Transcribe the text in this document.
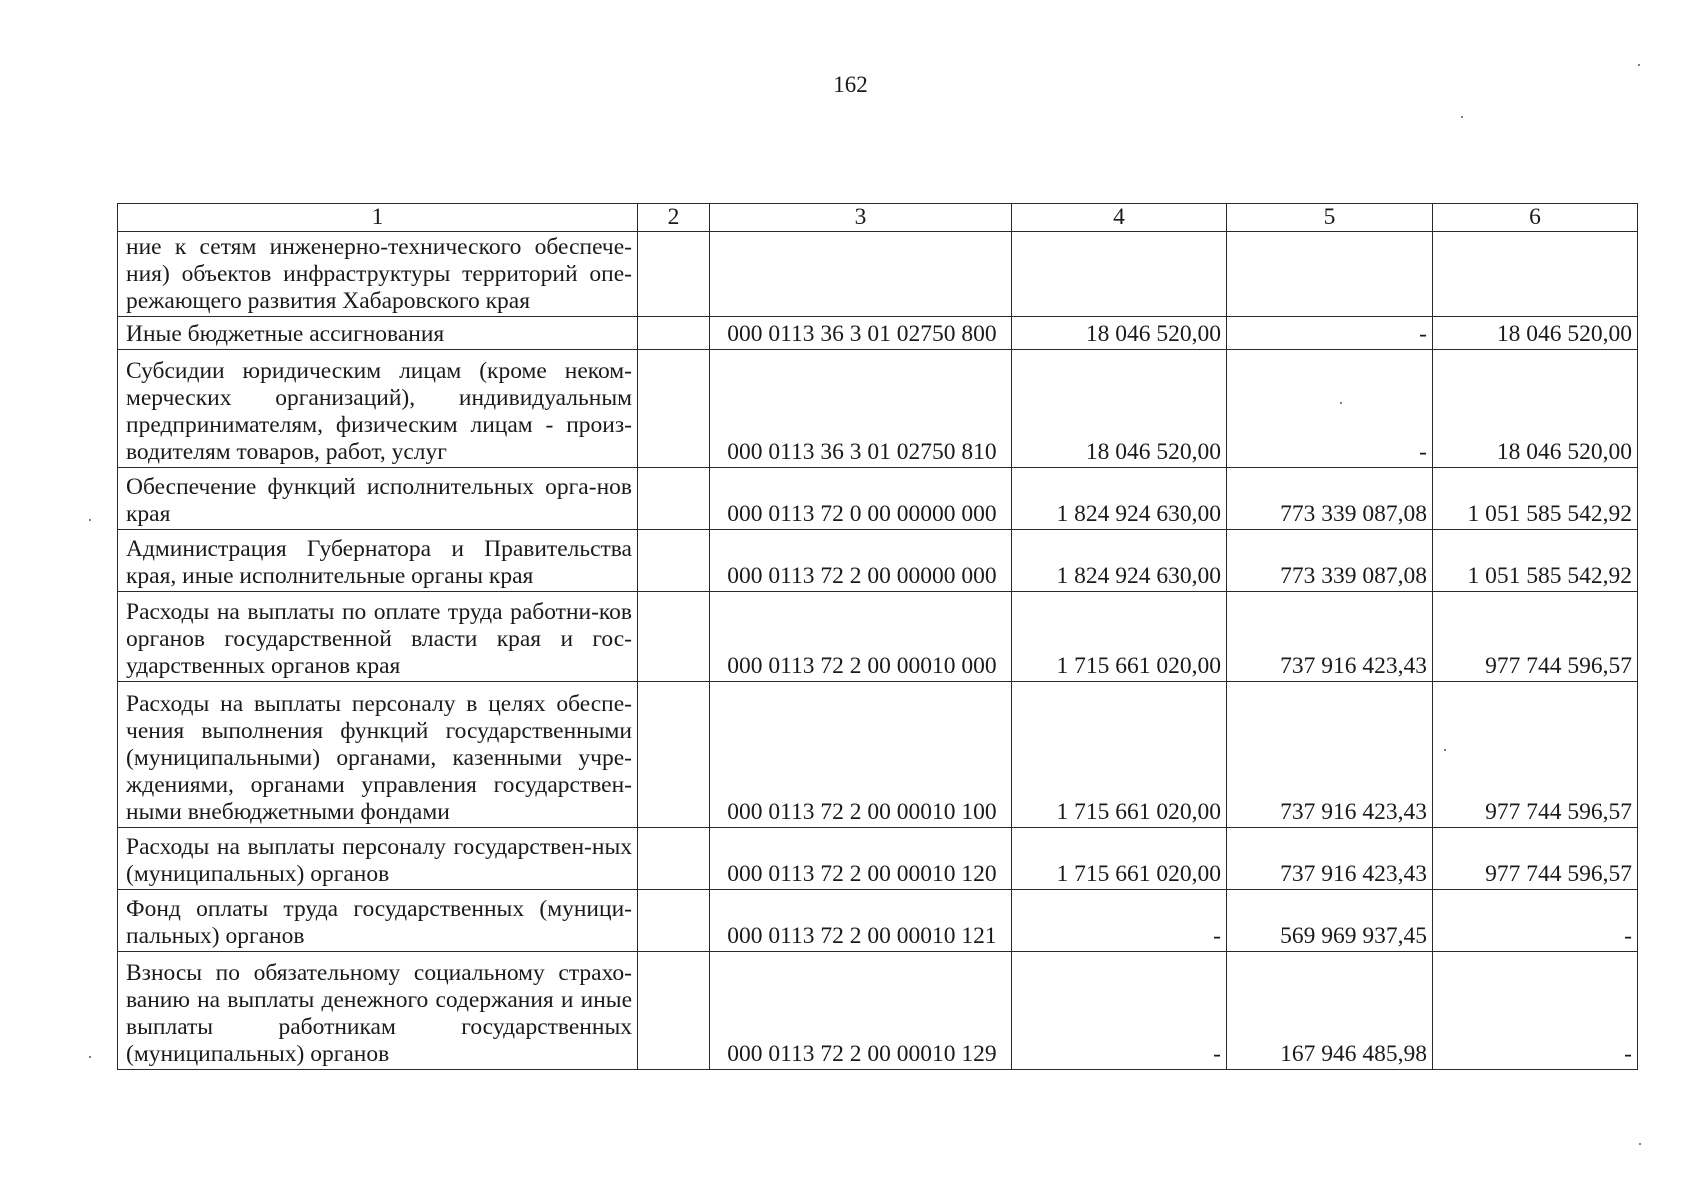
162
1	2	3	4	5	6
ние к сетям инженерно-технического обеспече-ния) объектов инфраструктуры территорий опе-режающего развития Хабаровского края					
Иные бюджетные ассигнования		000 0113 36 3 01 02750 800	18 046 520,00	-	18 046 520,00
Субсидии юридическим лицам (кроме неком-мерческих организаций), индивидуальным предпринимателям, физическим лицам - произ-водителям товаров, работ, услуг		000 0113 36 3 01 02750 810	18 046 520,00	-	18 046 520,00
Обеспечение функций исполнительных орга-нов края		000 0113 72 0 00 00000 000	1 824 924 630,00	773 339 087,08	1 051 585 542,92
Администрация Губернатора и Правительства края, иные исполнительные органы края		000 0113 72 2 00 00000 000	1 824 924 630,00	773 339 087,08	1 051 585 542,92
Расходы на выплаты по оплате труда работни-ков органов государственной власти края и гос-ударственных органов края		000 0113 72 2 00 00010 000	1 715 661 020,00	737 916 423,43	977 744 596,57
Расходы на выплаты персоналу в целях обеспе-чения выполнения функций государственными (муниципальными) органами, казенными учре-ждениями, органами управления государствен-ными внебюджетными фондами		000 0113 72 2 00 00010 100	1 715 661 020,00	737 916 423,43	977 744 596,57
Расходы на выплаты персоналу государствен-ных (муниципальных) органов		000 0113 72 2 00 00010 120	1 715 661 020,00	737 916 423,43	977 744 596,57
Фонд оплаты труда государственных (муници-пальных) органов		000 0113 72 2 00 00010 121	-	569 969 937,45	-
Взносы по обязательному социальному страхо-ванию на выплаты денежного содержания и иные выплаты работникам государственных (муниципальных) органов		000 0113 72 2 00 00010 129	-	167 946 485,98	-
